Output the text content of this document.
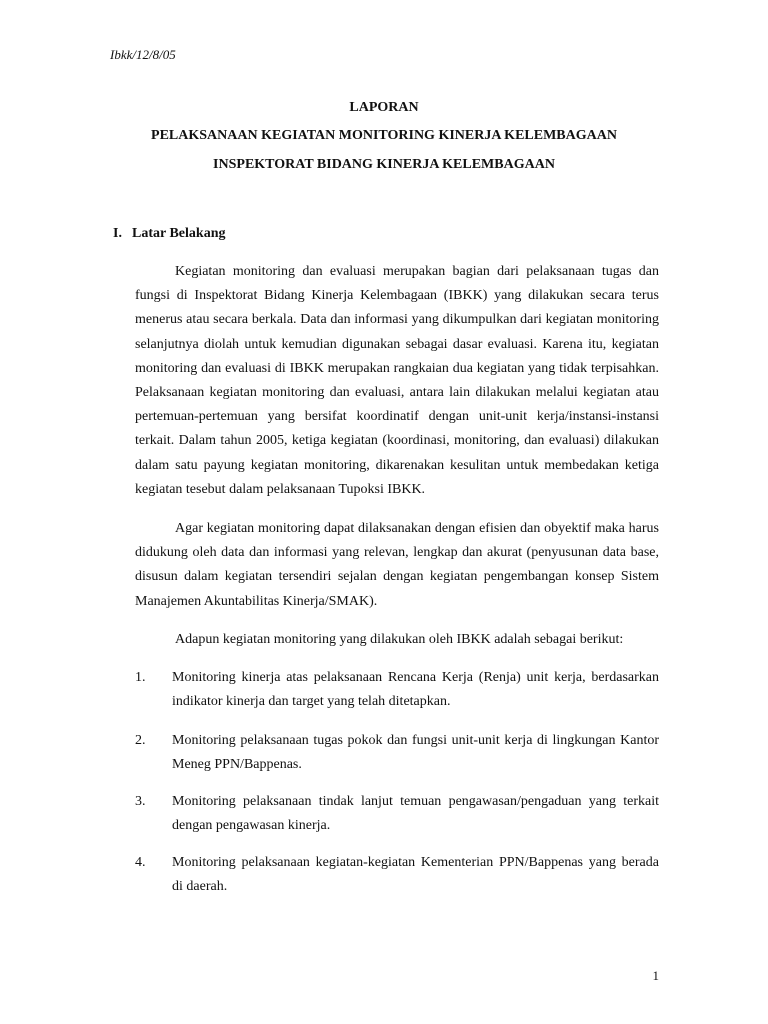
Ibkk/12/8/05
LAPORAN
PELAKSANAAN KEGIATAN MONITORING KINERJA KELEMBAGAAN
INSPEKTORAT BIDANG KINERJA KELEMBAGAAN
I. Latar Belakang

Kegiatan monitoring dan evaluasi merupakan bagian dari pelaksanaan tugas dan fungsi di Inspektorat Bidang Kinerja Kelembagaan (IBKK) yang dilakukan secara terus menerus atau secara berkala. Data dan informasi yang dikumpulkan dari kegiatan monitoring selanjutnya diolah untuk kemudian digunakan sebagai dasar evaluasi. Karena itu, kegiatan monitoring dan evaluasi di IBKK merupakan rangkaian dua kegiatan yang tidak terpisahkan. Pelaksanaan kegiatan monitoring dan evaluasi, antara lain dilakukan melalui kegiatan atau pertemuan-pertemuan yang bersifat koordinatif dengan unit-unit kerja/instansi-instansi terkait. Dalam tahun 2005, ketiga kegiatan (koordinasi, monitoring, dan evaluasi) dilakukan dalam satu payung kegiatan monitoring, dikarenakan kesulitan untuk membedakan ketiga kegiatan tesebut dalam pelaksanaan Tupoksi IBKK.

Agar kegiatan monitoring dapat dilaksanakan dengan efisien dan obyektif maka harus didukung oleh data dan informasi yang relevan, lengkap dan akurat (penyusunan data base, disusun dalam kegiatan tersendiri sejalan dengan kegiatan pengembangan konsep Sistem Manajemen Akuntabilitas Kinerja/SMAK).

Adapun kegiatan monitoring yang dilakukan oleh IBKK adalah sebagai berikut:

1. Monitoring kinerja atas pelaksanaan Rencana Kerja (Renja) unit kerja, berdasarkan indikator kinerja dan target yang telah ditetapkan.
2. Monitoring pelaksanaan tugas pokok dan fungsi unit-unit kerja di lingkungan Kantor Meneg PPN/Bappenas.
3. Monitoring pelaksanaan tindak lanjut temuan pengawasan/pengaduan yang terkait dengan pengawasan kinerja.
4. Monitoring pelaksanaan kegiatan-kegiatan Kementerian PPN/Bappenas yang berada di daerah.
1
